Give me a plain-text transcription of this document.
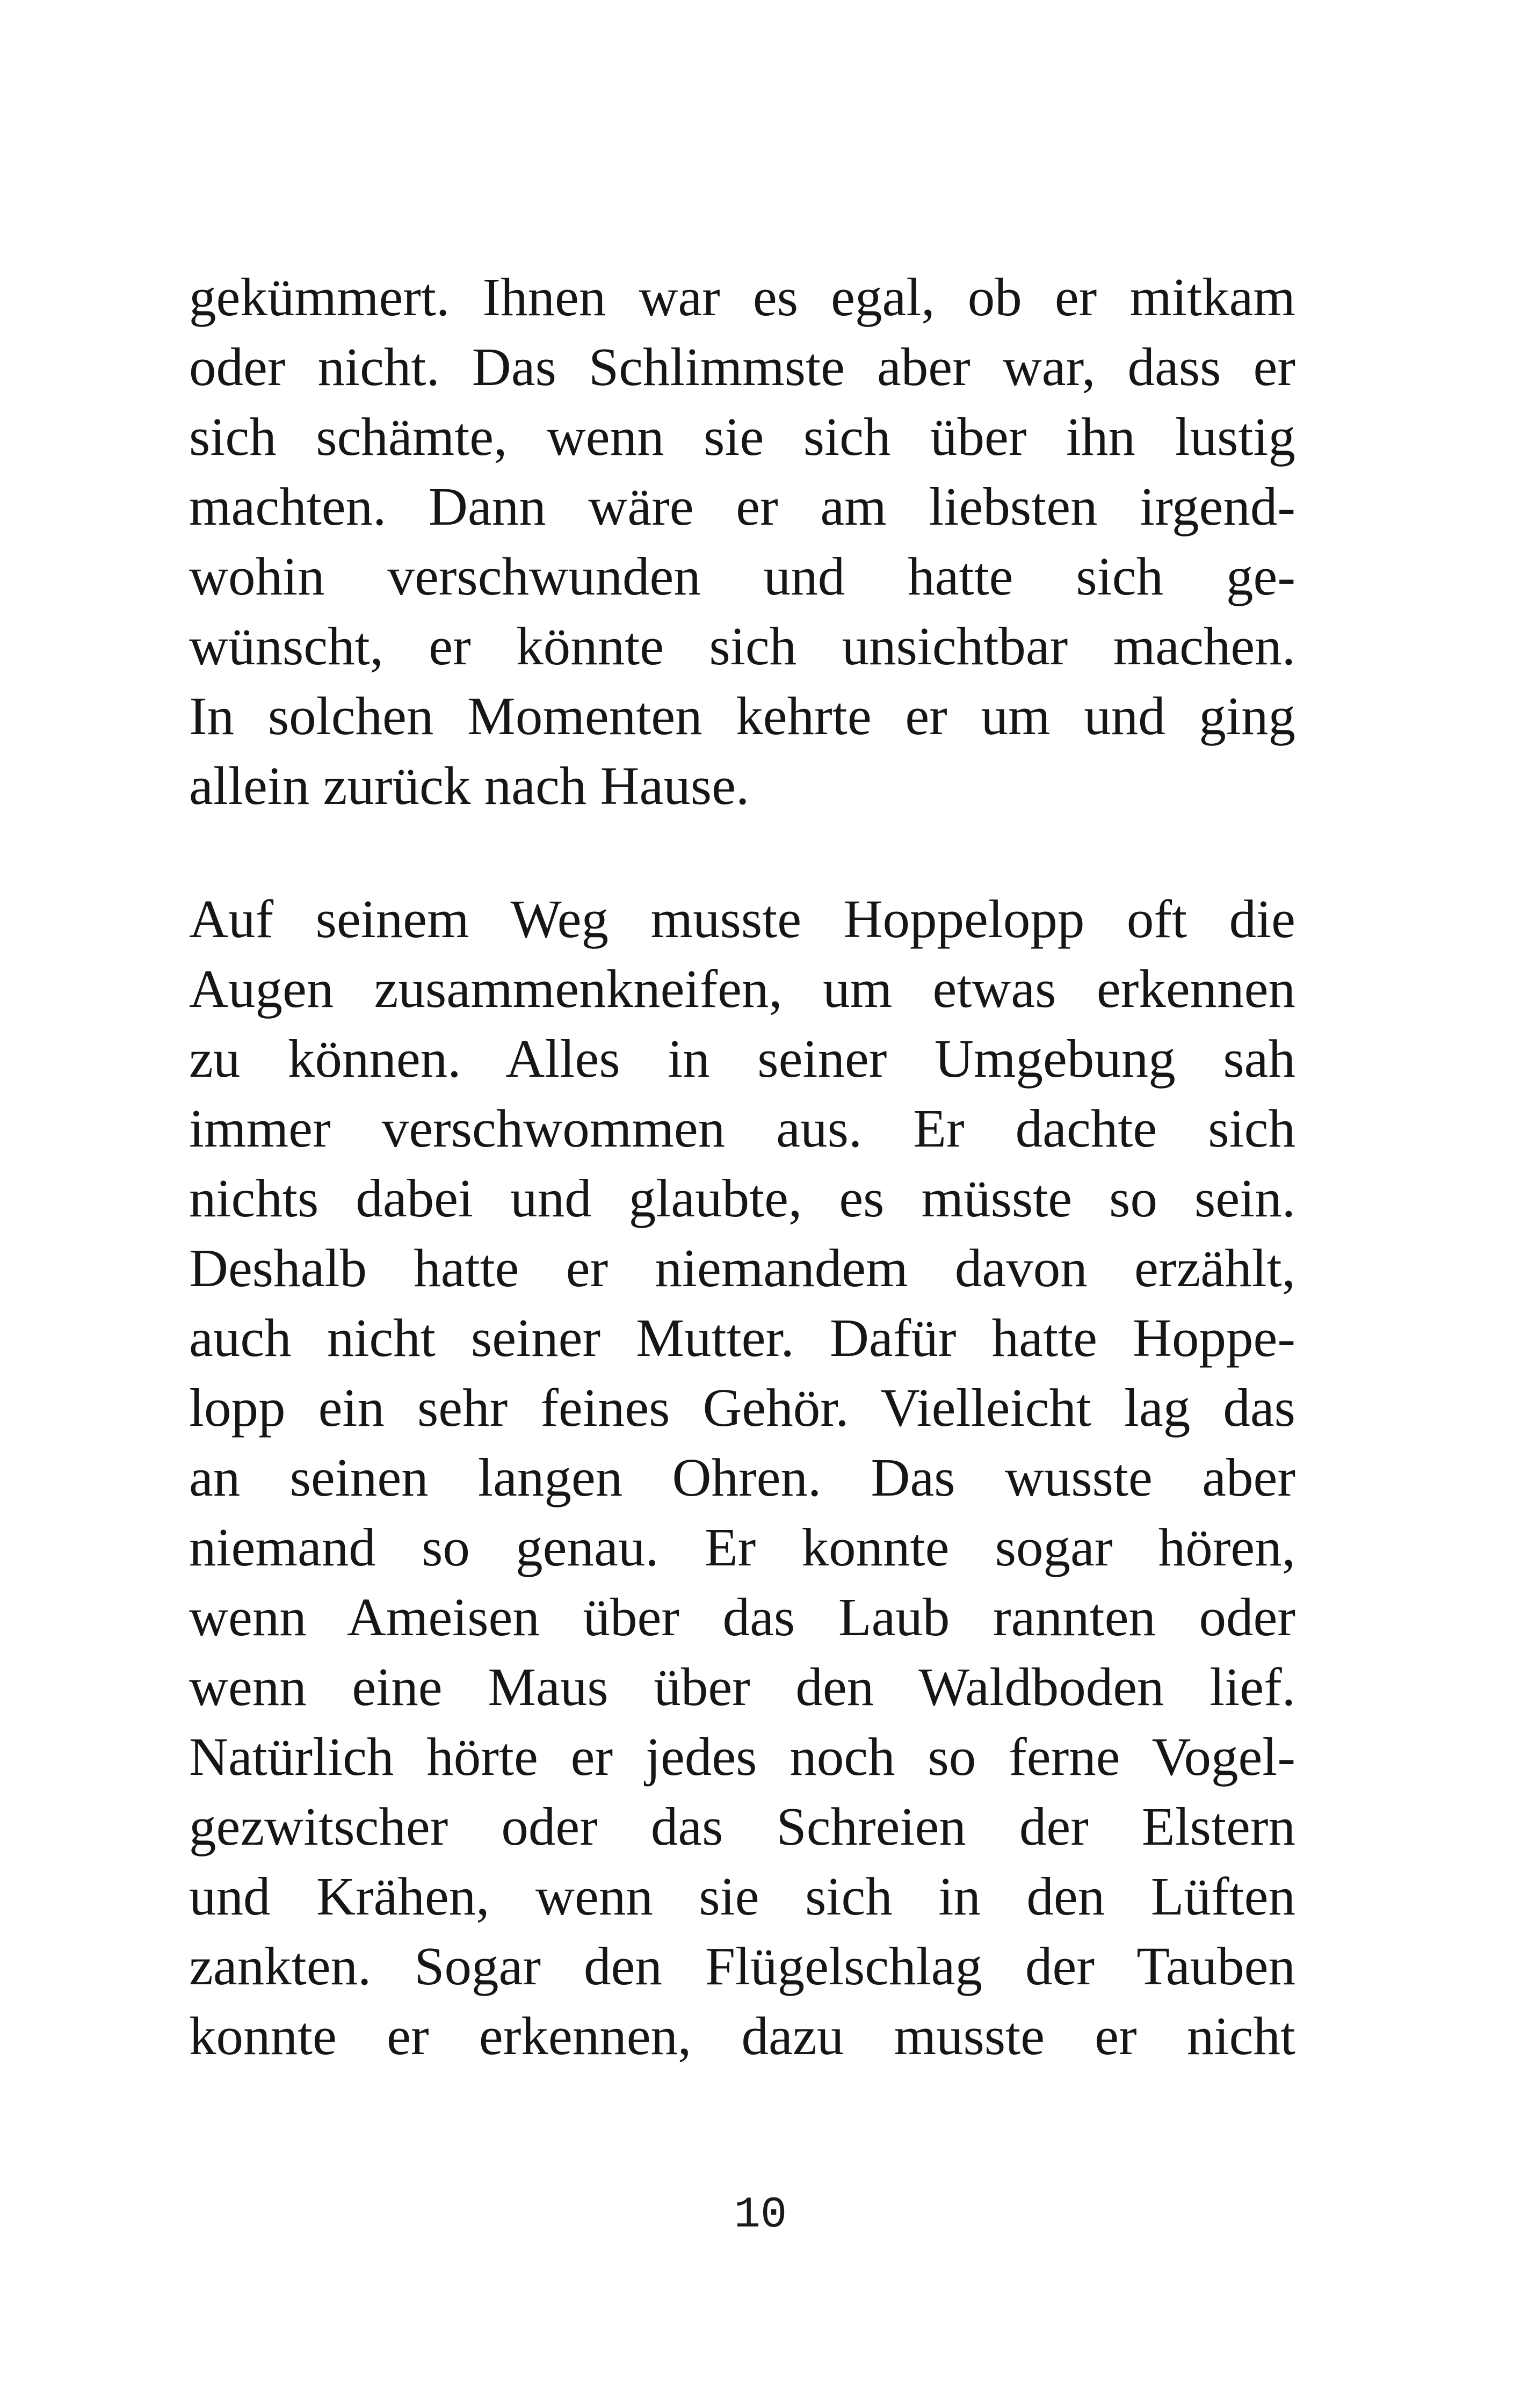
gekümmert. Ihnen war es egal, ob er mitkam
oder nicht. Das Schlimmste aber war, dass er
sich schämte, wenn sie sich über ihn lustig
machten. Dann wäre er am liebsten irgend-
wohin verschwunden und hatte sich ge-
wünscht, er könnte sich unsichtbar machen.
In solchen Momenten kehrte er um und ging
allein zurück nach Hause.
Auf seinem Weg musste Hoppelopp oft die
Augen zusammenkneifen, um etwas erkennen
zu können. Alles in seiner Umgebung sah
immer verschwommen aus. Er dachte sich
nichts dabei und glaubte, es müsste so sein.
Deshalb hatte er niemandem davon erzählt,
auch nicht seiner Mutter. Dafür hatte Hoppe-
lopp ein sehr feines Gehör. Vielleicht lag das
an seinen langen Ohren. Das wusste aber
niemand so genau. Er konnte sogar hören,
wenn Ameisen über das Laub rannten oder
wenn eine Maus über den Waldboden lief.
Natürlich hörte er jedes noch so ferne Vogel-
gezwitscher oder das Schreien der Elstern
und Krähen, wenn sie sich in den Lüften
zankten. Sogar den Flügelschlag der Tauben
konnte er erkennen, dazu musste er nicht
10
